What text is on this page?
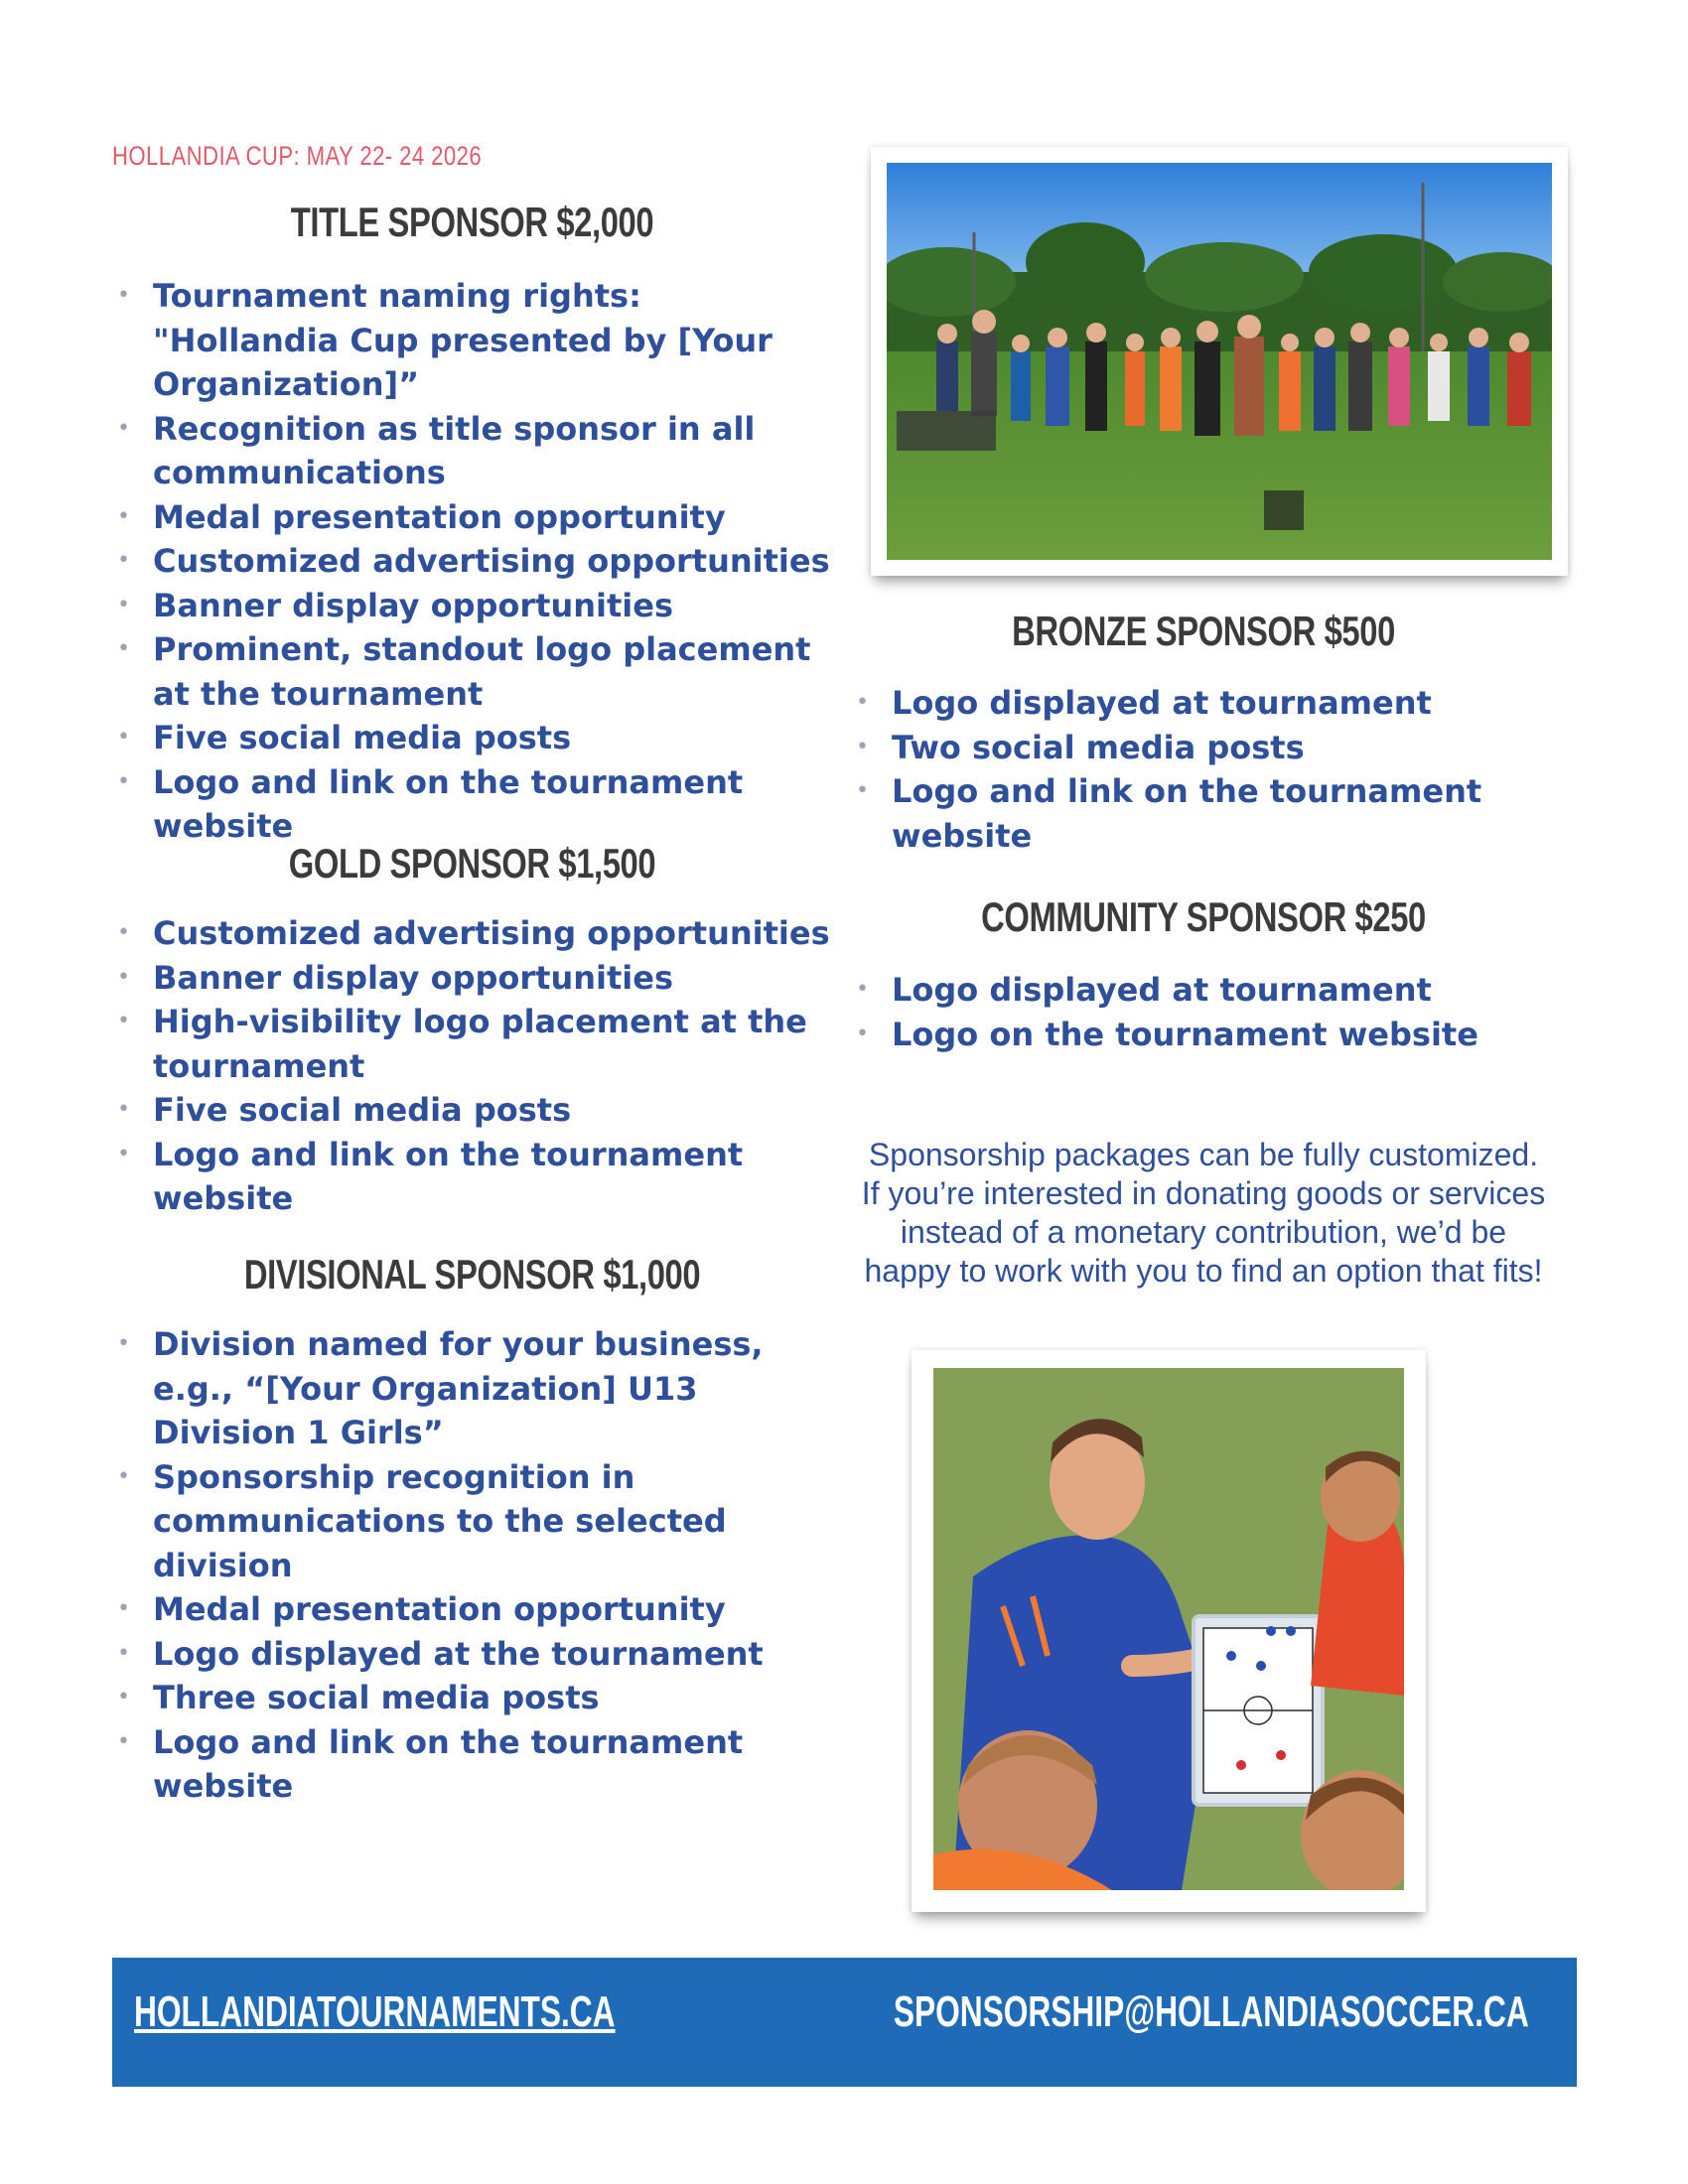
HOLLANDIA CUP: MAY 22- 24 2026
TITLE SPONSOR $2,000
• Tournament naming rights: "Hollandia Cup presented by [Your Organization]”
• Recognition as title sponsor in all communications
• Medal presentation opportunity
• Customized advertising opportunities
• Banner display opportunities
• Prominent, standout logo placement at the tournament
• Five social media posts
• Logo and link on the tournament website
GOLD SPONSOR $1,500
• Customized advertising opportunities
• Banner display opportunities
• High-visibility logo placement at the tournament
• Five social media posts
• Logo and link on the tournament website
DIVISIONAL SPONSOR $1,000
• Division named for your business, e.g., “[Your Organization] U13 Division 1 Girls”
• Sponsorship recognition in communications to the selected division
• Medal presentation opportunity
• Logo displayed at the tournament
• Three social media posts
• Logo and link on the tournament website
BRONZE SPONSOR $500
• Logo displayed at tournament
• Two social media posts
• Logo and link on the tournament website
COMMUNITY SPONSOR $250
• Logo displayed at tournament
• Logo on the tournament website
Sponsorship packages can be fully customized. If you’re interested in donating goods or services instead of a monetary contribution, we’d be happy to work with you to find an option that fits!
HOLLANDIATOURNAMENTS.CA	SPONSORSHIP@HOLLANDIASOCCER.CA
